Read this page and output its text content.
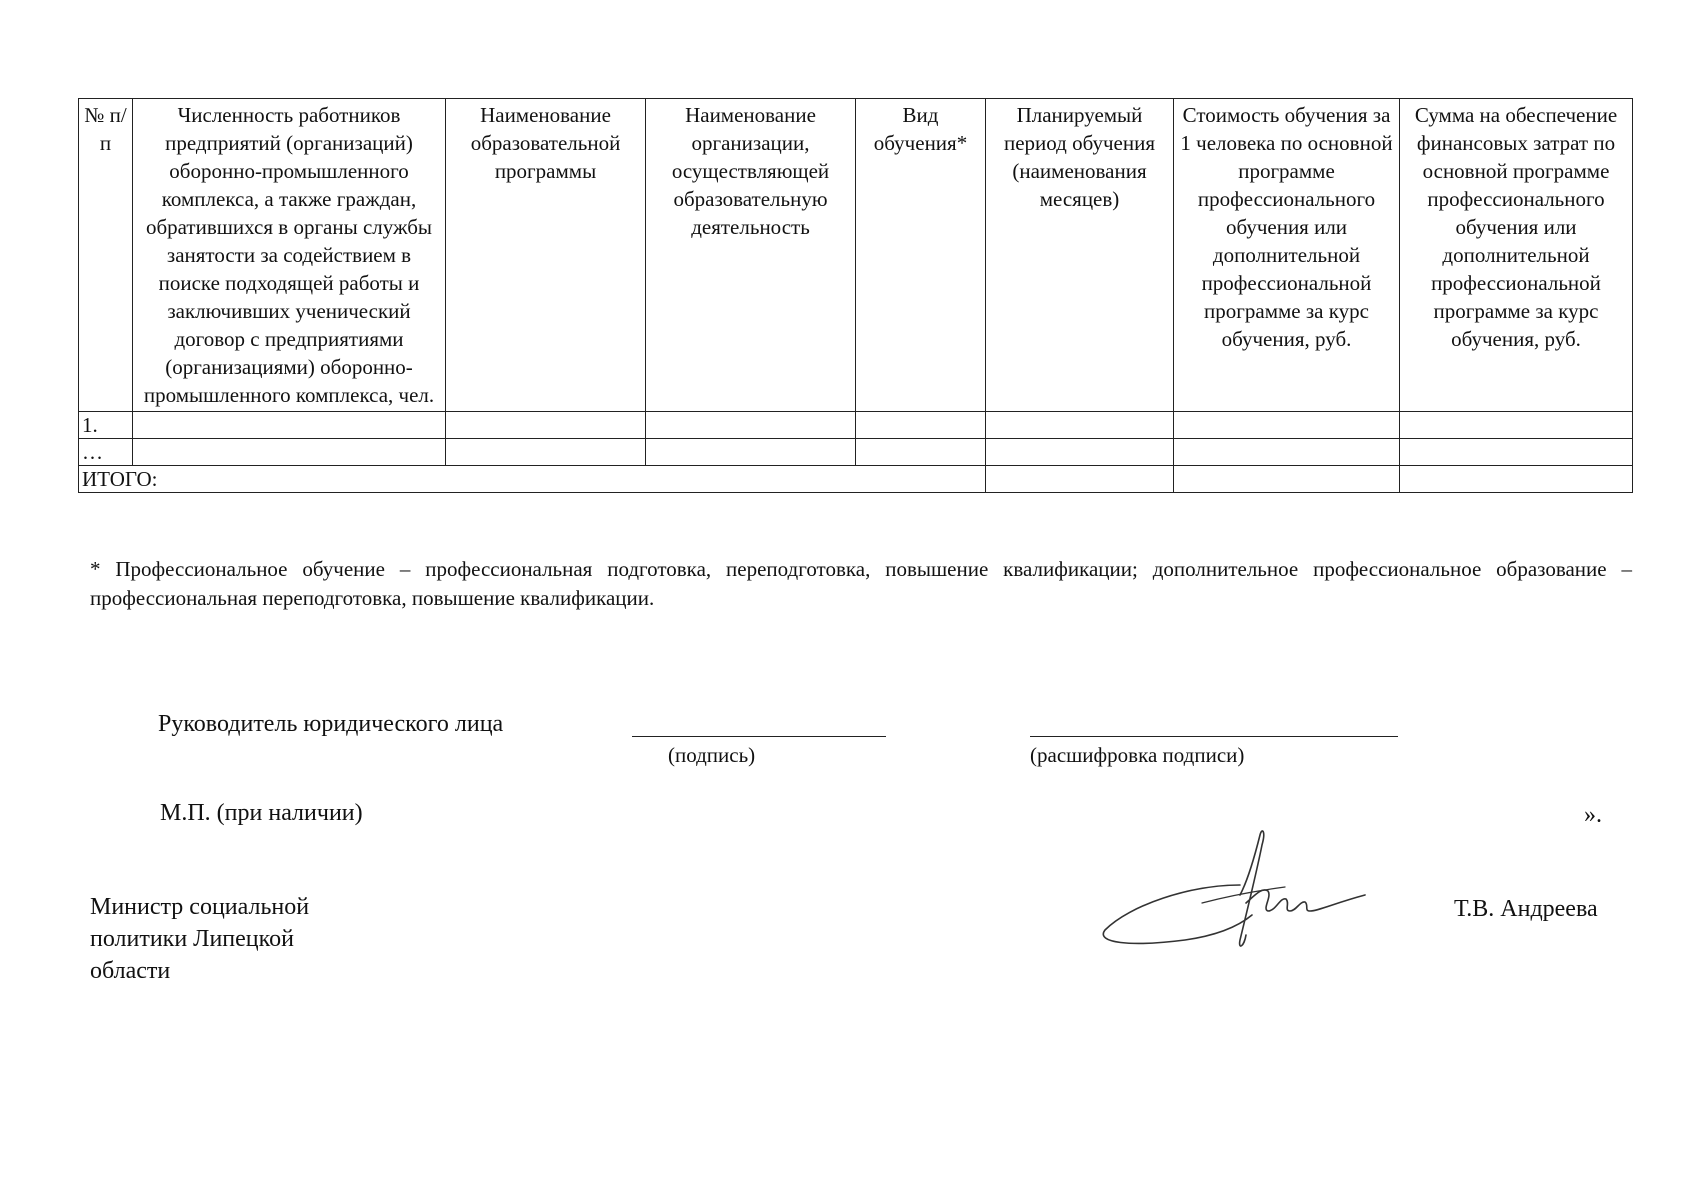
№ п/п	Численность работников предприятий (организаций) оборонно-промышленного комплекса, а также граждан, обратившихся в органы службы занятости за содействием в поиске подходящей работы и заключивших ученический договор с предприятиями (организациями) оборонно-промышленного комплекса, чел.	Наименование образовательной программы	Наименование организации, осуществляющей образовательную деятельность	Вид обучения*	Планируемый период обучения (наименования месяцев)	Стоимость обучения за 1 человека по основной программе профессионального обучения или дополнительной профессиональной программе за курс обучения, руб.	Сумма на обеспечение финансовых затрат по основной программе профессионального обучения или дополнительной профессиональной программе за курс обучения, руб.
1.							
…							
ИТОГО:							
* Профессиональное обучение – профессиональная подготовка, переподготовка, повышение квалификации; дополнительное профессиональное образование – профессиональная переподготовка, повышение квалификации.
Руководитель юридического лица
(подпись)	(расшифровка подписи)
М.П. (при наличии)	».
Министр социальной
политики Липецкой
области
Т.В. Андреева
